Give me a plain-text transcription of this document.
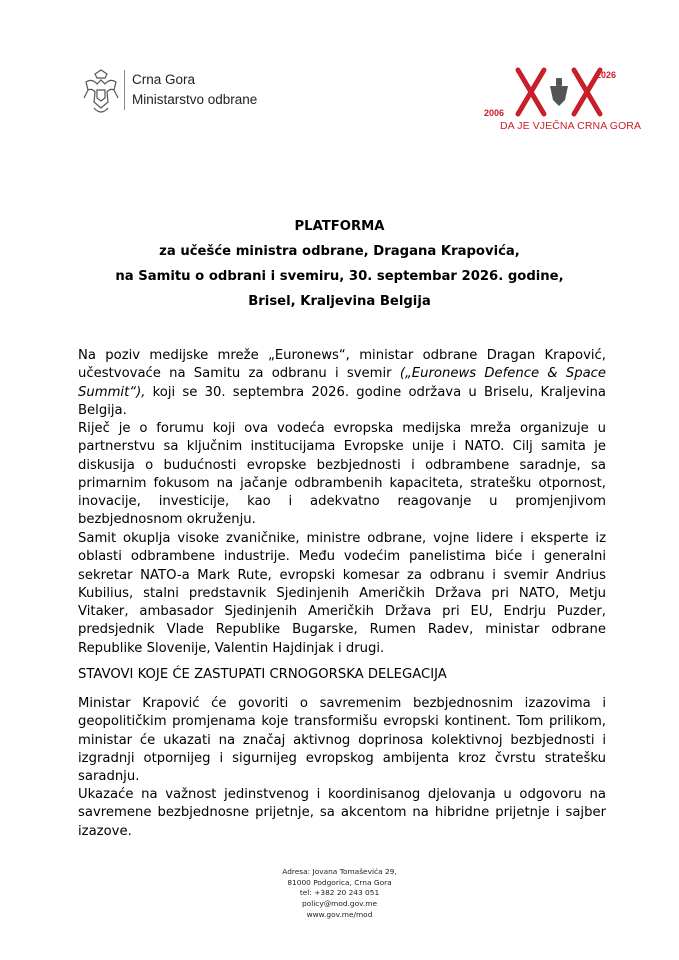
Crna Gora
Ministarstvo odbrane
2006
2026
DA JE VJEČNA CRNA GORA
PLATFORMA
za učešće ministra odbrane, Dragana Krapovića,
na Samitu o odbrani i svemiru, 30. septembar 2026. godine,
Brisel, Kraljevina Belgija

Na poziv medijske mreže „Euronews“, ministar odbrane Dragan Krapović, učestvovaće na Samitu za odbranu i svemir („Euronews Defence & Space Summit“), koji se 30. septembra 2026. godine održava u Briselu, Kraljevina Belgija.

Riječ je o forumu koji ova vodeća evropska medijska mreža organizuje u partnerstvu sa ključnim institucijama Evropske unije i NATO. Cilj samita je diskusija o budućnosti evropske bezbjednosti i odbrambene saradnje, sa primarnim fokusom na jačanje odbrambenih kapaciteta, stratešku otpornost, inovacije, investicije, kao i adekvatno reagovanje u promjenjivom bezbjednosnom okruženju.

Samit okuplja visoke zvaničnike, ministre odbrane, vojne lidere i eksperte iz oblasti odbrambene industrije. Među vodećim panelistima biće i generalni sekretar NATO-a Mark Rute, evropski komesar za odbranu i svemir Andrius Kubilius, stalni predstavnik Sjedinjenih Američkih Država pri NATO, Metju Vitaker, ambasador Sjedinjenih Američkih Država pri EU, Endrju Puzder, predsjednik Vlade Republike Bugarske, Rumen Radev, ministar odbrane Republike Slovenije, Valentin Hajdinjak i drugi.

STAVOVI KOJE ĆE ZASTUPATI CRNOGORSKA DELEGACIJA

Ministar Krapović će govoriti o savremenim bezbjednosnim izazovima i geopolitičkim promjenama koje transformišu evropski kontinent. Tom prilikom, ministar će ukazati na značaj aktivnog doprinosa kolektivnoj bezbjednosti i izgradnji otpornijeg i sigurnijeg evropskog ambijenta kroz čvrstu stratešku saradnju.

Ukazaće na važnost jedinstvenog i koordinisanog djelovanja u odgovoru na savremene bezbjednosne prijetnje, sa akcentom na hibridne prijetnje i sajber izazove.

Adresa: Jovana Tomaševića 29,
81000 Podgorica, Crna Gora
tel: +382 20 243 051
policy@mod.gov.me
www.gov.me/mod
